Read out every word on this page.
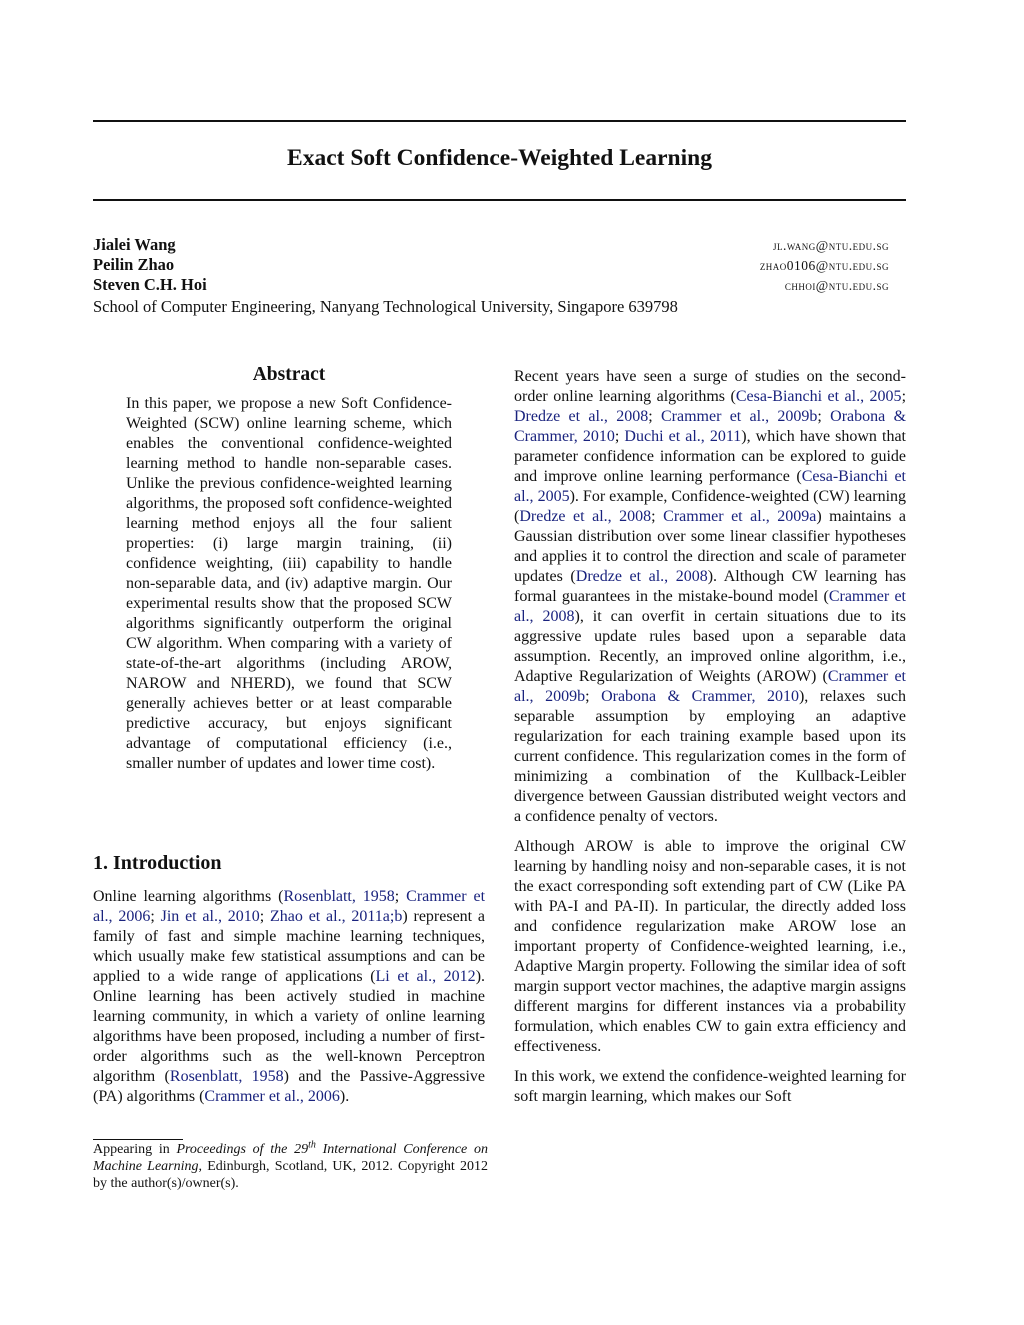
Exact Soft Confidence-Weighted Learning
Jialei Wang	jl.wang@ntu.edu.sg
Peilin Zhao	zhao0106@ntu.edu.sg
Steven C.H. Hoi	chhoi@ntu.edu.sg
School of Computer Engineering, Nanyang Technological University, Singapore 639798
Abstract

In this paper, we propose a new Soft Confidence-Weighted (SCW) online learning scheme, which enables the conventional confidence-weighted learning method to handle non-separable cases. Unlike the previous confidence-weighted learning algorithms, the proposed soft confidence-weighted learning method enjoys all the four salient properties: (i) large margin training, (ii) confidence weighting, (iii) capability to handle non-separable data, and (iv) adaptive margin. Our experimental results show that the proposed SCW algorithms significantly outperform the original CW algorithm. When comparing with a variety of state-of-the-art algorithms (including AROW, NAROW and NHERD), we found that SCW generally achieves better or at least comparable predictive accuracy, but enjoys significant advantage of computational efficiency (i.e., smaller number of updates and lower time cost).

1. Introduction

Online learning algorithms (Rosenblatt, 1958; Crammer et al., 2006; Jin et al., 2010; Zhao et al., 2011a;b) represent a family of fast and simple machine learning techniques, which usually make few statistical assumptions and can be applied to a wide range of applications (Li et al., 2012). Online learning has been actively studied in machine learning community, in which a variety of online learning algorithms have been proposed, including a number of first-order algorithms such as the well-known Perceptron algorithm (Rosenblatt, 1958) and the Passive-Aggressive (PA) algorithms (Crammer et al., 2006).

Appearing in Proceedings of the 29th International Conference on Machine Learning, Edinburgh, Scotland, UK, 2012. Copyright 2012 by the author(s)/owner(s).

Recent years have seen a surge of studies on the second-order online learning algorithms (Cesa-Bianchi et al., 2005; Dredze et al., 2008; Crammer et al., 2009b; Orabona & Crammer, 2010; Duchi et al., 2011), which have shown that parameter confidence information can be explored to guide and improve online learning performance (Cesa-Bianchi et al., 2005). For example, Confidence-weighted (CW) learning (Dredze et al., 2008; Crammer et al., 2009a) maintains a Gaussian distribution over some linear classifier hypotheses and applies it to control the direction and scale of parameter updates (Dredze et al., 2008). Although CW learning has formal guarantees in the mistake-bound model (Crammer et al., 2008), it can overfit in certain situations due to its aggressive update rules based upon a separable data assumption. Recently, an improved online algorithm, i.e., Adaptive Regularization of Weights (AROW) (Crammer et al., 2009b; Orabona & Crammer, 2010), relaxes such separable assumption by employing an adaptive regularization for each training example based upon its current confidence. This regularization comes in the form of minimizing a combination of the Kullback-Leibler divergence between Gaussian distributed weight vectors and a confidence penalty of vectors.

Although AROW is able to improve the original CW learning by handling noisy and non-separable cases, it is not the exact corresponding soft extending part of CW (Like PA with PA-I and PA-II). In particular, the directly added loss and confidence regularization make AROW lose an important property of Confidence-weighted learning, i.e., Adaptive Margin property. Following the similar idea of soft margin support vector machines, the adaptive margin assigns different margins for different instances via a probability formulation, which enables CW to gain extra efficiency and effectiveness.

In this work, we extend the confidence-weighted learning for soft margin learning, which makes our Soft
